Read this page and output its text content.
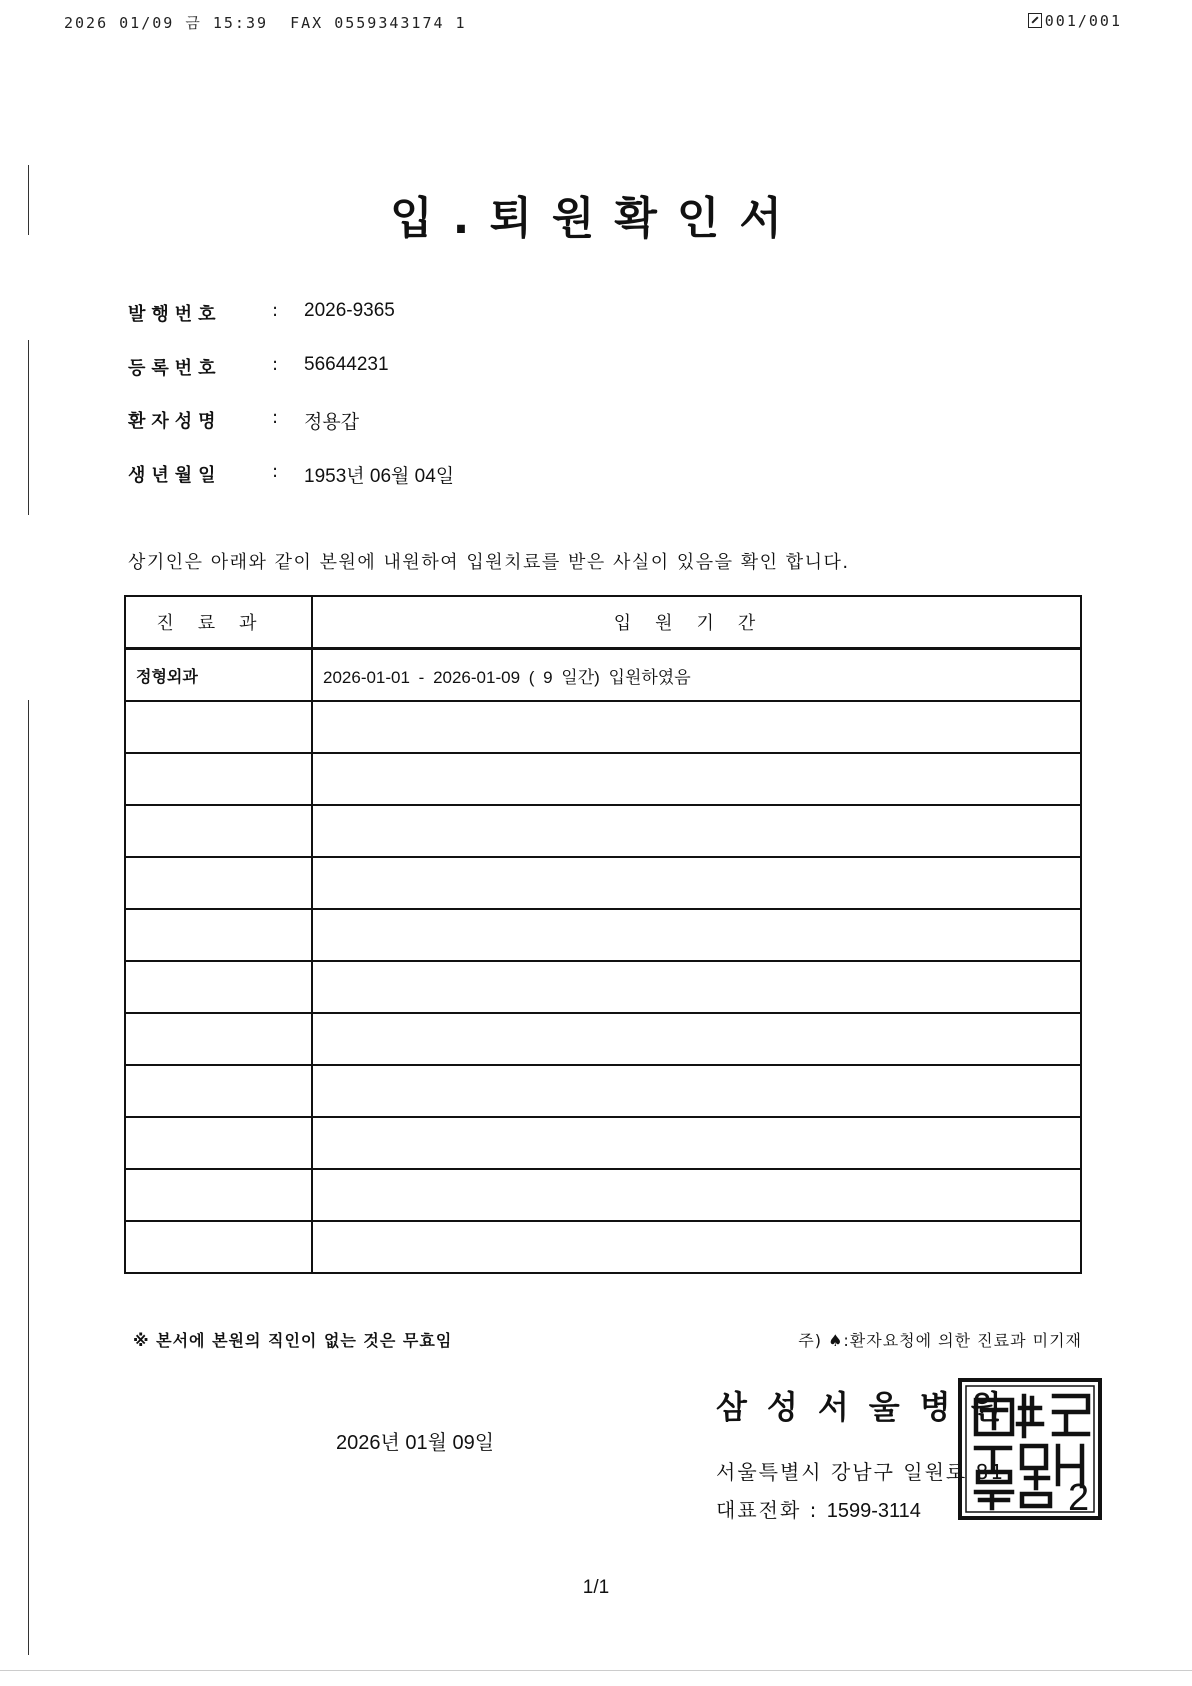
2026 01/09 금 15:39  FAX 0559343174 1	001/001
입.퇴원확인서
발행번호	: 2026-9365
등록번호	: 56644231
환자성명	: 정용갑
생년월일	: 1953년 06월 04일
상기인은 아래와 같이 본원에 내원하여 입원치료를 받은 사실이 있음을 확인 합니다.
진료과	입원기간
정형외과	2026-01-01 - 2026-01-09 ( 9 일간) 입원하였음

※ 본서에 본원의 직인이 없는 것은 무효임	주) ♠:환자요청에 의한 진료과 미기재
2026년 01월 09일
삼성서울병원
서울특별시 강남구 일원로 81
대표전화 : 1599-3114	2
1/1
